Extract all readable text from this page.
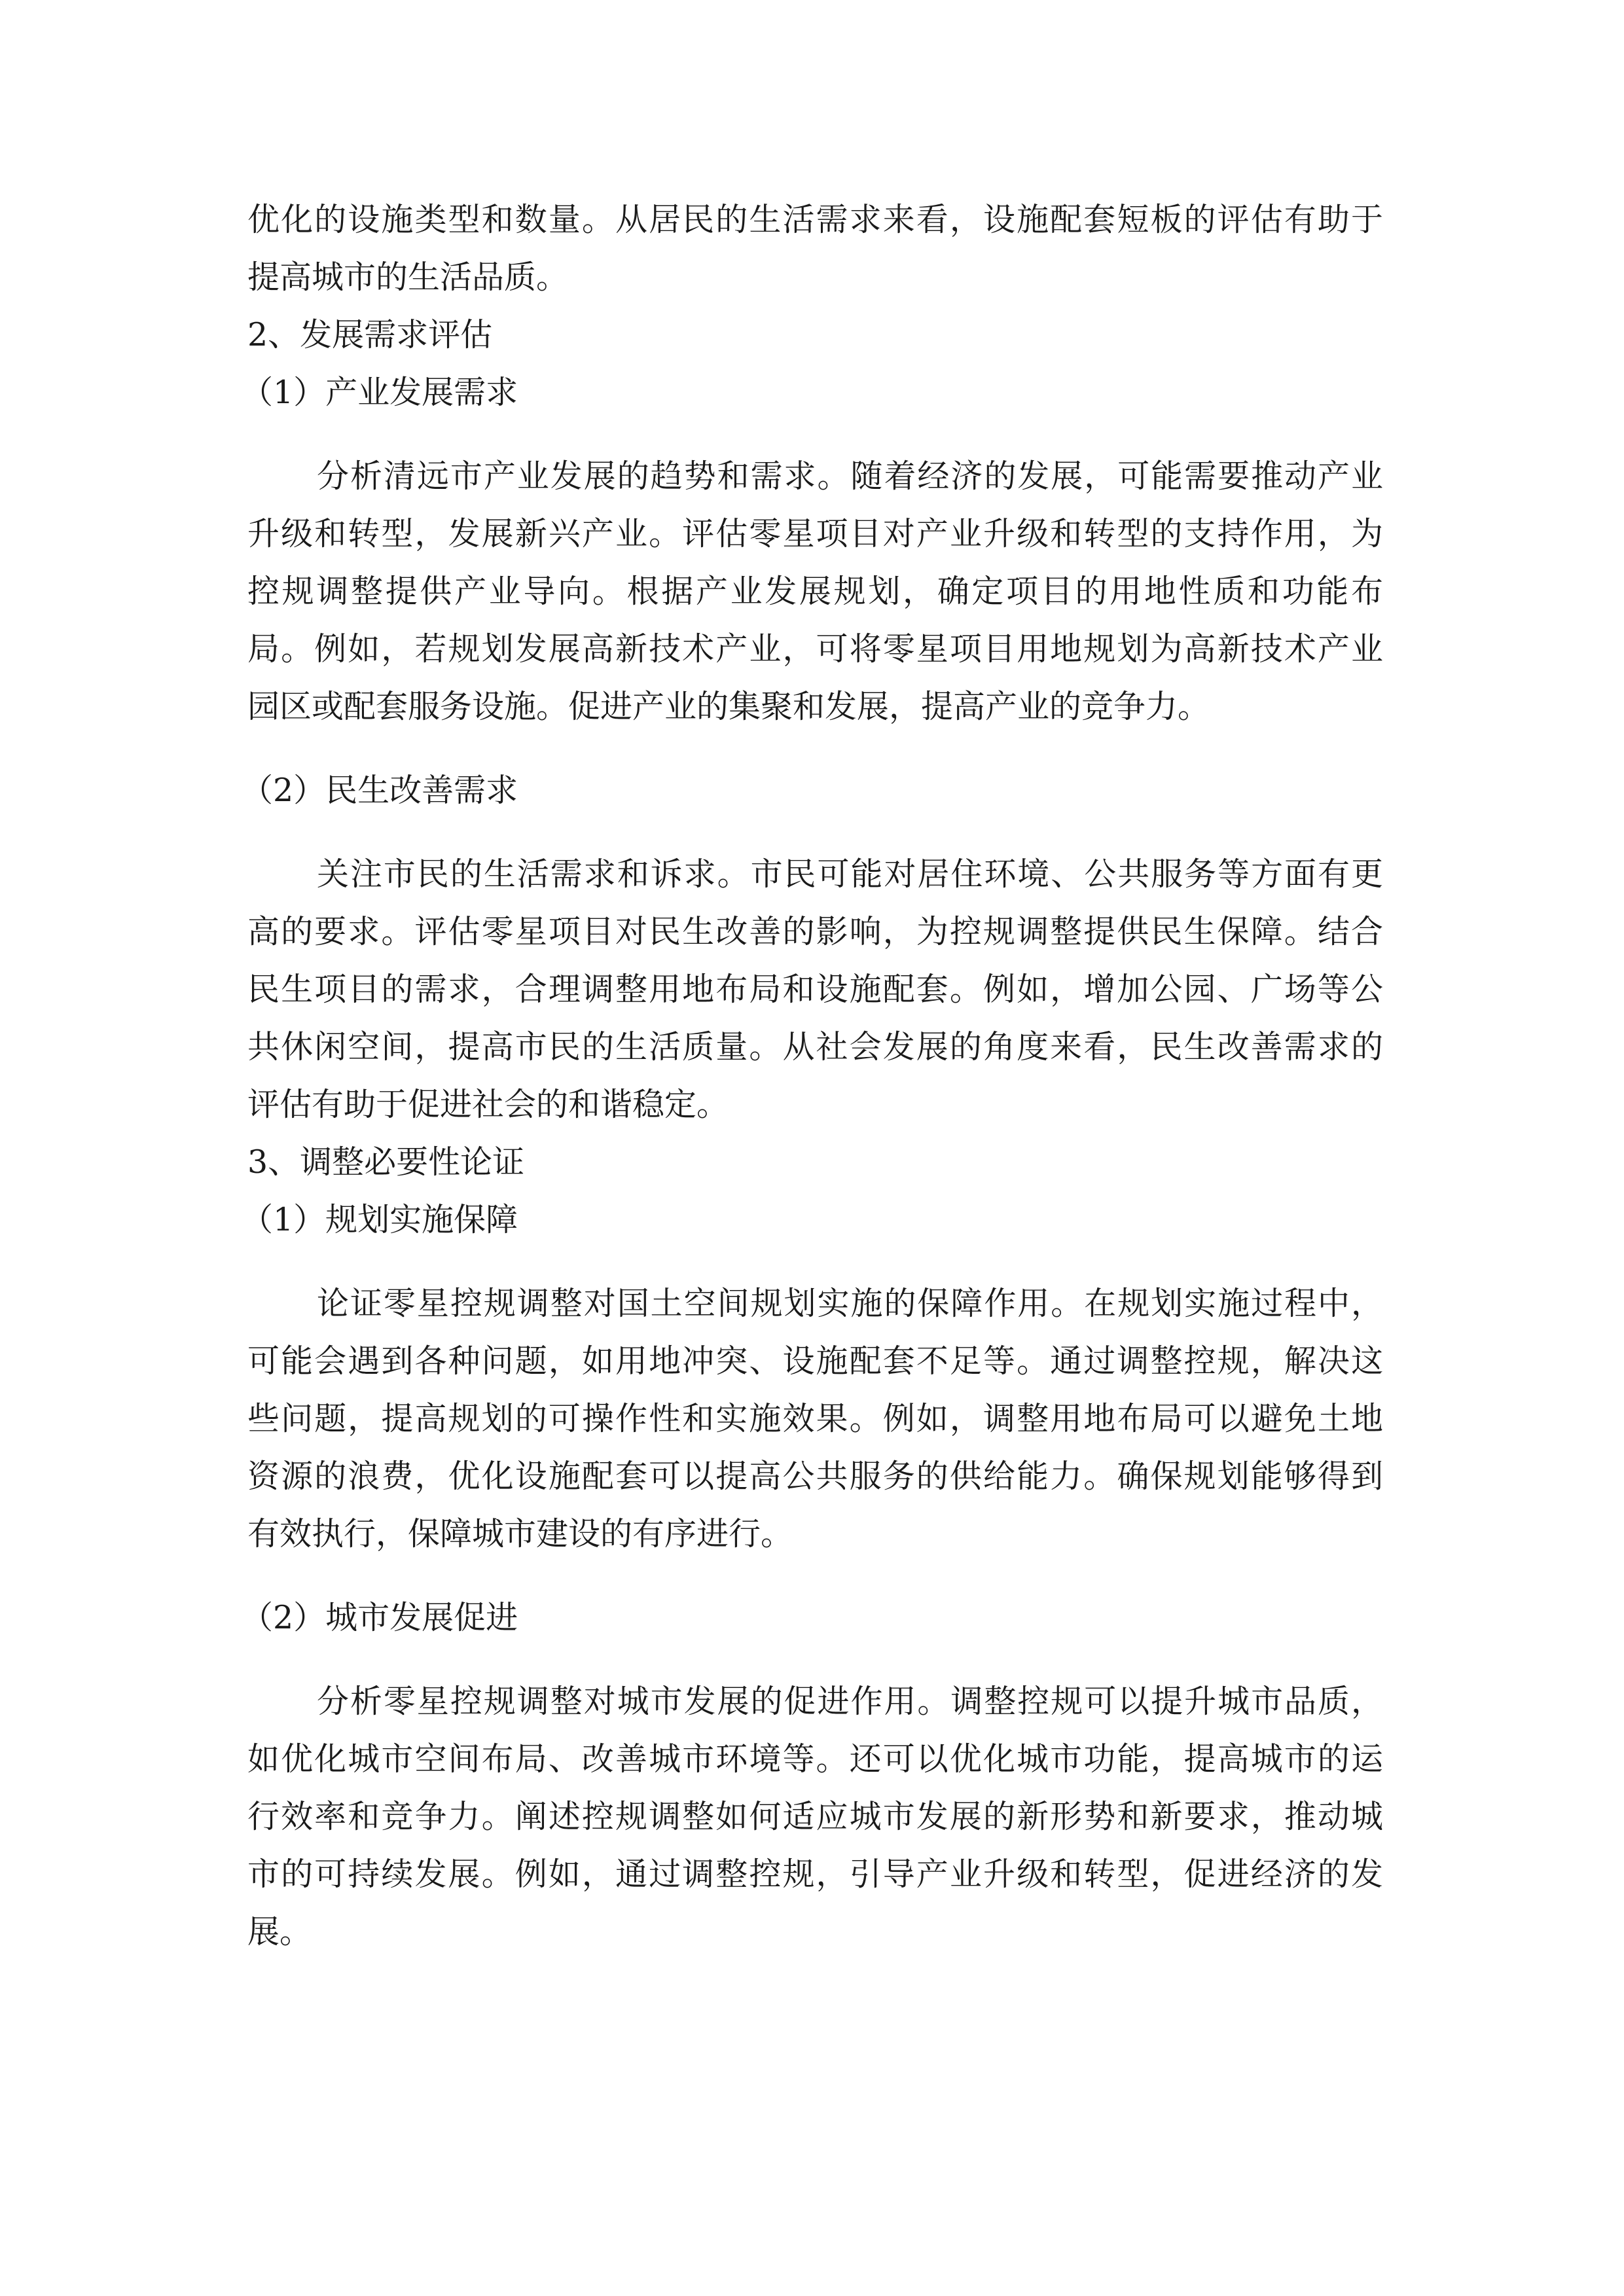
优化的设施类型和数量。从居民的生活需求来看，设施配套短板的评估有助于
提高城市的生活品质。
2、发展需求评估
（1）产业发展需求
分析清远市产业发展的趋势和需求。随着经济的发展，可能需要推动产业
升级和转型，发展新兴产业。评估零星项目对产业升级和转型的支持作用，为
控规调整提供产业导向。根据产业发展规划，确定项目的用地性质和功能布
局。例如，若规划发展高新技术产业，可将零星项目用地规划为高新技术产业
园区或配套服务设施。促进产业的集聚和发展，提高产业的竞争力。
（2）民生改善需求
关注市民的生活需求和诉求。市民可能对居住环境、公共服务等方面有更
高的要求。评估零星项目对民生改善的影响，为控规调整提供民生保障。结合
民生项目的需求，合理调整用地布局和设施配套。例如，增加公园、广场等公
共休闲空间，提高市民的生活质量。从社会发展的角度来看，民生改善需求的
评估有助于促进社会的和谐稳定。
3、调整必要性论证
（1）规划实施保障
论证零星控规调整对国土空间规划实施的保障作用。在规划实施过程中，
可能会遇到各种问题，如用地冲突、设施配套不足等。通过调整控规，解决这
些问题，提高规划的可操作性和实施效果。例如，调整用地布局可以避免土地
资源的浪费，优化设施配套可以提高公共服务的供给能力。确保规划能够得到
有效执行，保障城市建设的有序进行。
（2）城市发展促进
分析零星控规调整对城市发展的促进作用。调整控规可以提升城市品质，
如优化城市空间布局、改善城市环境等。还可以优化城市功能，提高城市的运
行效率和竞争力。阐述控规调整如何适应城市发展的新形势和新要求，推动城
市的可持续发展。例如，通过调整控规，引导产业升级和转型，促进经济的发
展。
